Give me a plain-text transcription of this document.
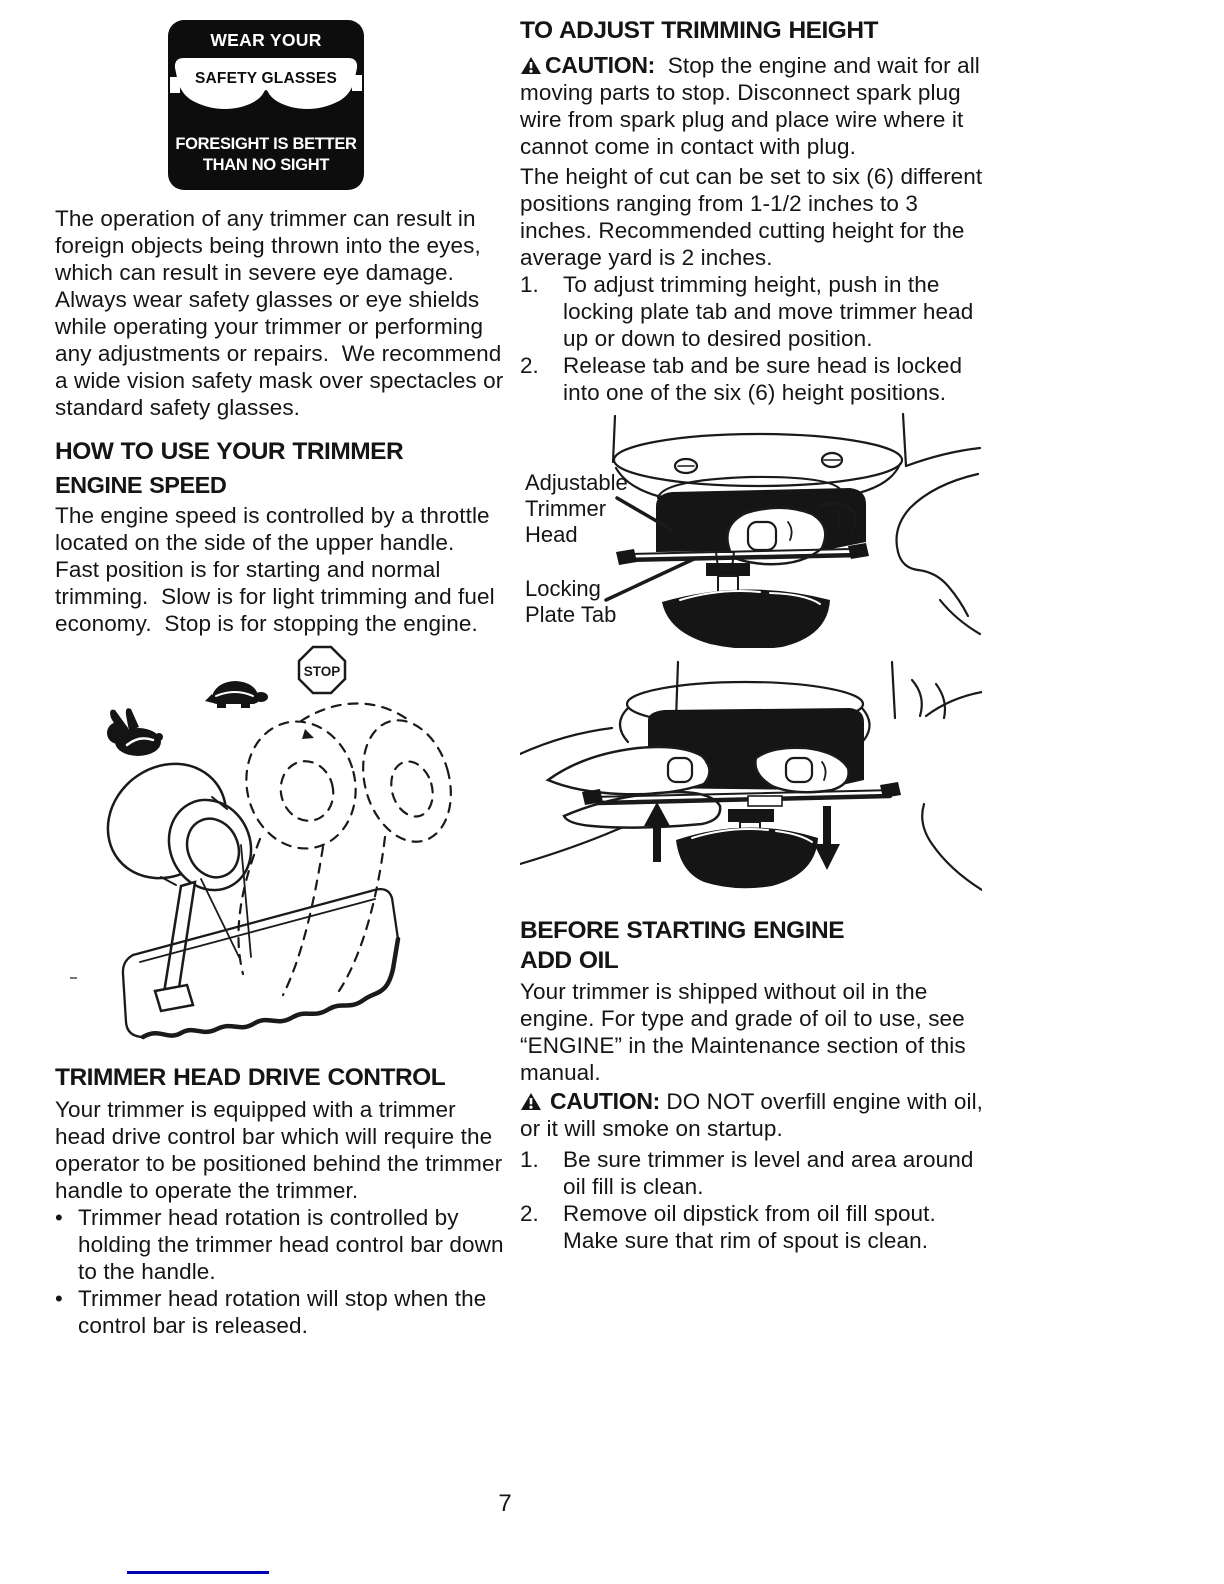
WEAR YOUR
SAFETY GLASSES
FORESIGHT IS BETTER
THAN NO SIGHT

The operation of any trimmer can result in foreign objects being thrown into the eyes, which can result in severe eye damage.  Always wear safety glasses or eye shields while operating your trimmer or performing any adjustments or repairs.  We recommend a wide vision safety mask over spectacles or standard safety glasses.

HOW TO USE YOUR TRIMMER
ENGINE SPEED

The engine speed is controlled by a throttle located on the side of the upper handle.  Fast position is for starting and normal trimming.  Slow is for light trimming and fuel economy.  Stop is for stopping the engine.

STOP
TRIMMER HEAD DRIVE CONTROL

Your trimmer is equipped with a trimmer head drive control bar which will require the operator to be positioned behind the trimmer handle to operate the trimmer.

• Trimmer head rotation is controlled by holding the trimmer head control bar down to the handle.
• Trimmer head rotation will stop when the control bar is released.
TO ADJUST TRIMMING HEIGHT

CAUTION:  Stop the engine and wait for all moving parts to stop. Disconnect spark plug wire from spark plug and place wire where it cannot come in contact with plug.

The height of cut can be set to six (6) different positions ranging from 1-1/2 inches to 3 inches. Recommended cutting height for the average yard is 2 inches.

1.	To adjust trimming height, push in the locking plate tab and move trimmer head up or down to desired position.
2.	Release tab and be sure head is locked into one of the six (6) height positions.
Adjustable
Trimmer
Head
Locking
Plate Tab
BEFORE STARTING ENGINE
ADD OIL

Your trimmer is shipped without oil in the engine. For type and grade of oil to use, see “ENGINE” in the Maintenance section of this manual.

CAUTION: DO NOT overfill engine with oil, or it will smoke on startup.

1.	Be sure trimmer is level and area around oil fill is clean.
2.	Remove oil dipstick from oil fill spout. Make sure that rim of spout is clean.
7
